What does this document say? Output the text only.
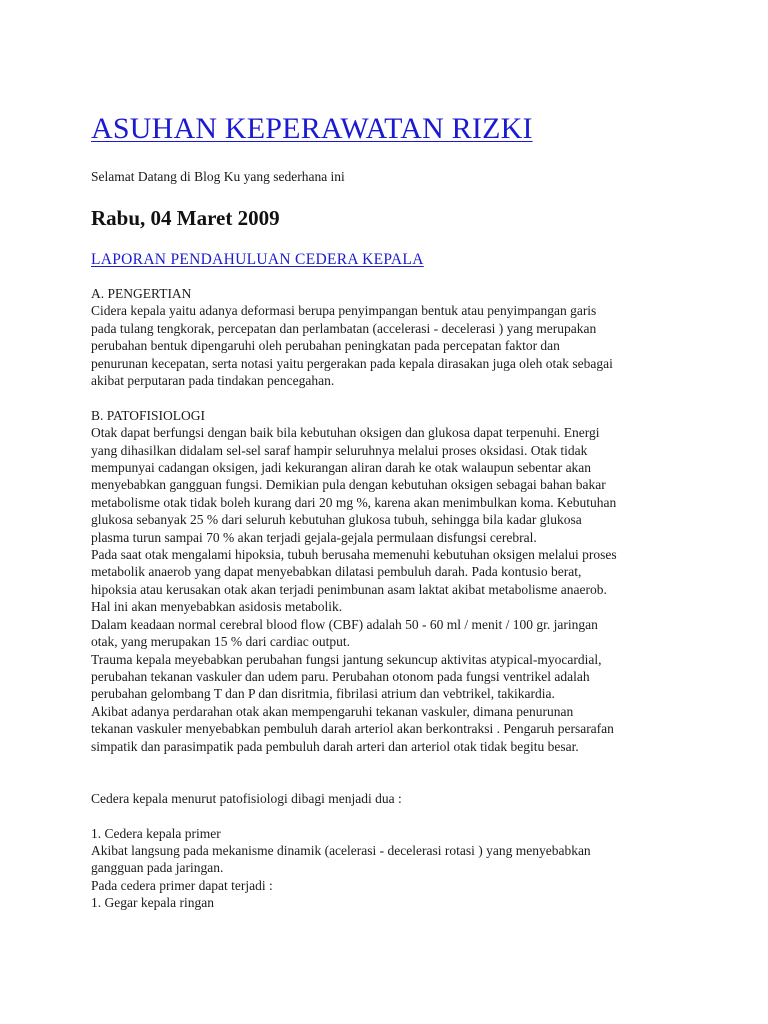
ASUHAN KEPERAWATAN RIZKI
Selamat Datang di Blog Ku yang sederhana ini
Rabu, 04 Maret 2009
LAPORAN PENDAHULUAN CEDERA KEPALA
A. PENGERTIAN
Cidera kepala yaitu adanya deformasi berupa penyimpangan bentuk atau penyimpangan garis
pada tulang tengkorak, percepatan dan perlambatan (accelerasi - decelerasi ) yang merupakan
perubahan bentuk dipengaruhi oleh perubahan peningkatan pada percepatan faktor dan
penurunan kecepatan, serta notasi yaitu pergerakan pada kepala dirasakan juga oleh otak sebagai
akibat perputaran pada tindakan pencegahan.
B. PATOFISIOLOGI
Otak dapat berfungsi dengan baik bila kebutuhan oksigen dan glukosa dapat terpenuhi. Energi
yang dihasilkan didalam sel-sel saraf hampir seluruhnya melalui proses oksidasi. Otak tidak
mempunyai cadangan oksigen, jadi kekurangan aliran darah ke otak walaupun sebentar akan
menyebabkan gangguan fungsi. Demikian pula dengan kebutuhan oksigen sebagai bahan bakar
metabolisme otak tidak boleh kurang dari 20 mg %, karena akan menimbulkan koma. Kebutuhan
glukosa sebanyak 25 % dari seluruh kebutuhan glukosa tubuh, sehingga bila kadar glukosa
plasma turun sampai 70 % akan terjadi gejala-gejala permulaan disfungsi cerebral.
Pada saat otak mengalami hipoksia, tubuh berusaha memenuhi kebutuhan oksigen melalui proses
metabolik anaerob yang dapat menyebabkan dilatasi pembuluh darah. Pada kontusio berat,
hipoksia atau kerusakan otak akan terjadi penimbunan asam laktat akibat metabolisme anaerob.
Hal ini akan menyebabkan asidosis metabolik.
Dalam keadaan normal cerebral blood flow (CBF) adalah 50 - 60 ml / menit / 100 gr. jaringan
otak, yang merupakan 15 % dari cardiac output.
Trauma kepala meyebabkan perubahan fungsi jantung sekuncup aktivitas atypical-myocardial,
perubahan tekanan vaskuler dan udem paru. Perubahan otonom pada fungsi ventrikel adalah
perubahan gelombang T dan P dan disritmia, fibrilasi atrium dan vebtrikel, takikardia.
Akibat adanya perdarahan otak akan mempengaruhi tekanan vaskuler, dimana penurunan
tekanan vaskuler menyebabkan pembuluh darah arteriol akan berkontraksi . Pengaruh persarafan
simpatik dan parasimpatik pada pembuluh darah arteri dan arteriol otak tidak begitu besar.
Cedera kepala menurut patofisiologi dibagi menjadi dua :
1. Cedera kepala primer
Akibat langsung pada mekanisme dinamik (acelerasi - decelerasi rotasi ) yang menyebabkan
gangguan pada jaringan.
Pada cedera primer dapat terjadi :
1. Gegar kepala ringan
